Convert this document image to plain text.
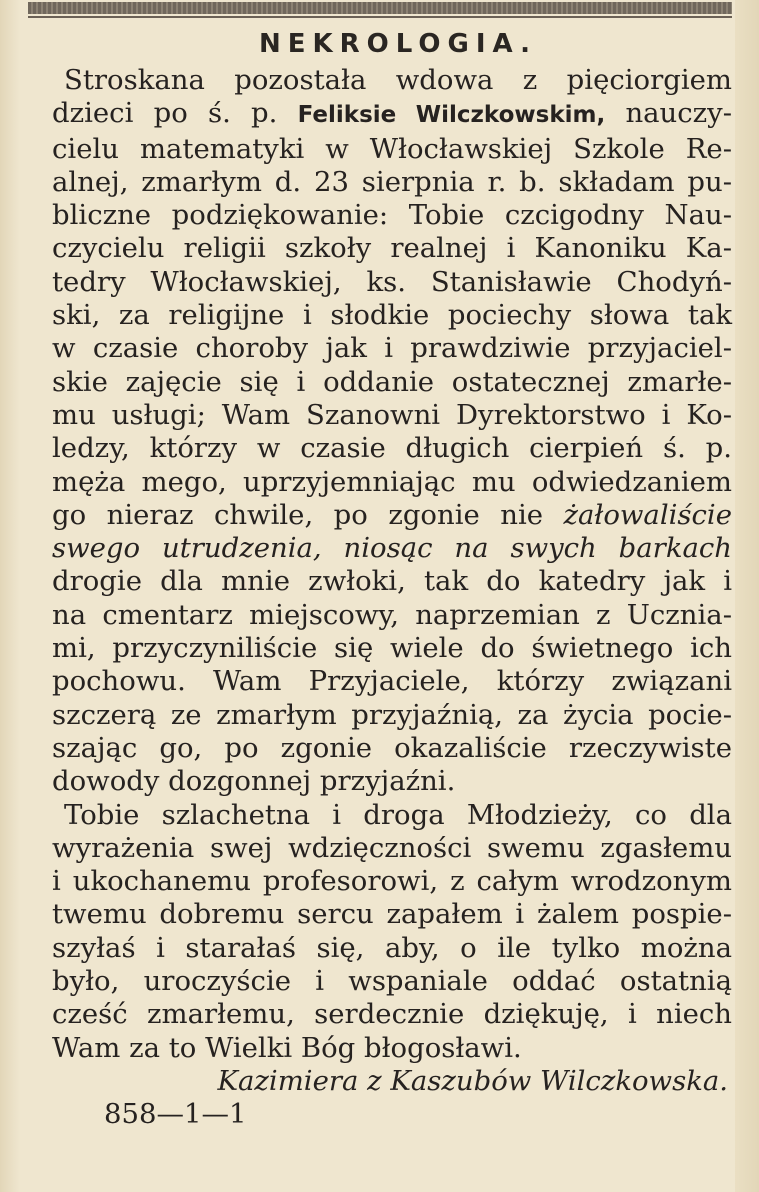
NEKROLOGIA.
Stroskana pozostała wdowa z pięciorgiem
dzieci po ś. p. Feliksie Wilczkowskim, nauczy-
cielu matematyki w Włocławskiej Szkole Re-
alnej, zmarłym d. 23 sierpnia r. b. składam pu-
bliczne podziękowanie: Tobie czcigodny Nau-
czycielu religii szkoły realnej i Kanoniku Ka-
tedry Włocławskiej, ks. Stanisławie Chodyń-
ski, za religijne i słodkie pociechy słowa tak
w czasie choroby jak i prawdziwie przyjaciel-
skie zajęcie się i oddanie ostatecznej zmarłe-
mu usługi; Wam Szanowni Dyrektorstwo i Ko-
ledzy, którzy w czasie długich cierpień ś. p.
męża mego, uprzyjemniając mu odwiedzaniem
go nieraz chwile, po zgonie nie żałowaliście
swego utrudzenia, niosąc na swych barkach
drogie dla mnie zwłoki, tak do katedry jak i
na cmentarz miejscowy, naprzemian z Ucznia-
mi, przyczyniliście się wiele do świetnego ich
pochowu. Wam Przyjaciele, którzy związani
szczerą ze zmarłym przyjaźnią, za życia pocie-
szając go, po zgonie okazaliście rzeczywiste
dowody dozgonnej przyjaźni.
Tobie szlachetna i droga Młodzieży, co dla
wyrażenia swej wdzięczności swemu zgasłemu
i ukochanemu profesorowi, z całym wrodzonym
twemu dobremu sercu zapałem i żalem pospie-
szyłaś i starałaś się, aby, o ile tylko można
było, uroczyście i wspaniale oddać ostatnią
cześć zmarłemu, serdecznie dziękuję, i niech
Wam za to Wielki Bóg błogosławi.
Kazimiera z Kaszubów Wilczkowska.
858—1—1
